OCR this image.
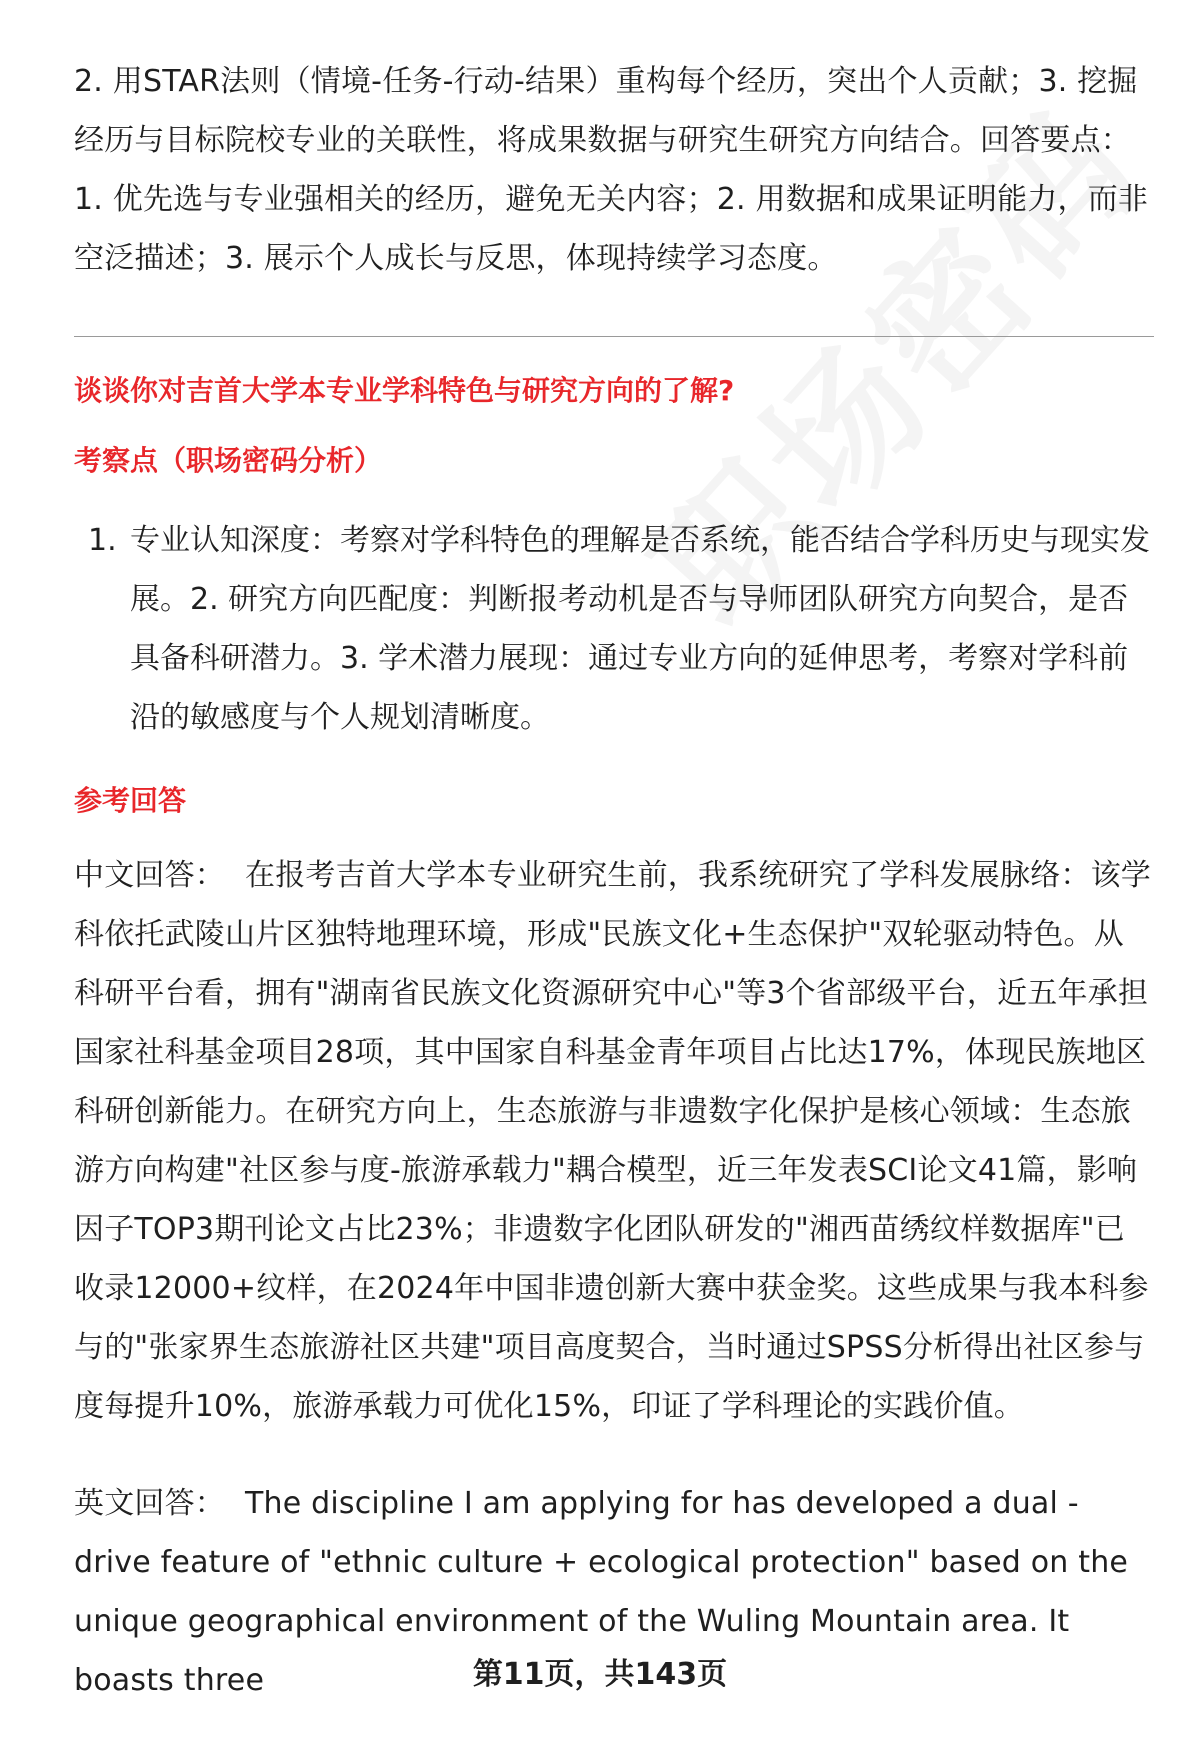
2. 用STAR法则（情境-任务-行动-结果）重构每个经历，突出个人贡献；3. 挖掘经历与目标院校专业的关联性，将成果数据与研究生研究方向结合。回答要点：1. 优先选与专业强相关的经历，避免无关内容；2. 用数据和成果证明能力，而非空泛描述；3. 展示个人成长与反思，体现持续学习态度。

谈谈你对吉首大学本专业学科特色与研究方向的了解?
考察点（职场密码分析）
1. 专业认知深度：考察对学科特色的理解是否系统，能否结合学科历史与现实发展。2. 研究方向匹配度：判断报考动机是否与导师团队研究方向契合，是否具备科研潜力。3. 学术潜力展现：通过专业方向的延伸思考，考察对学科前沿的敏感度与个人规划清晰度。
参考回答

中文回答： 在报考吉首大学本专业研究生前，我系统研究了学科发展脉络：该学科依托武陵山片区独特地理环境，形成"民族文化+生态保护"双轮驱动特色。从科研平台看，拥有"湖南省民族文化资源研究中心"等3个省部级平台，近五年承担国家社科基金项目28项，其中国家自科基金青年项目占比达17%，体现民族地区科研创新能力。在研究方向上，生态旅游与非遗数字化保护是核心领域：生态旅游方向构建"社区参与度-旅游承载力"耦合模型，近三年发表SCI论文41篇，影响因子TOP3期刊论文占比23%；非遗数字化团队研发的"湘西苗绣纹样数据库"已收录12000+纹样，在2024年中国非遗创新大赛中获金奖。这些成果与我本科参与的"张家界生态旅游社区共建"项目高度契合，当时通过SPSS分析得出社区参与度每提升10%，旅游承载力可优化15%，印证了学科理论的实践价值。

英文回答： The discipline I am applying for has developed a dual - drive feature of "ethnic culture + ecological protection" based on the unique geographical environment of the Wuling Mountain area. It boasts three	第11页，共143页
